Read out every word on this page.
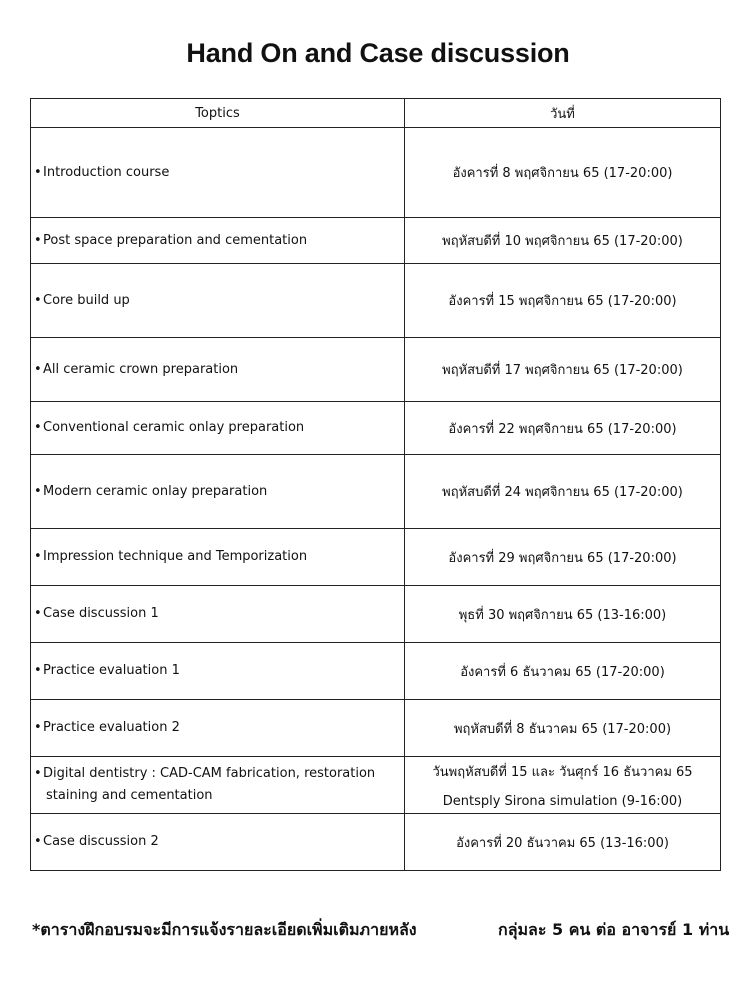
Hand On and Case discussion
Toptics	วันที่
•Introduction course	อังคารที่ 8 พฤศจิกายน 65 (17-20:00)
•Post space preparation and cementation	พฤหัสบดีที่ 10 พฤศจิกายน 65 (17-20:00)
•Core build up	อังคารที่ 15 พฤศจิกายน 65 (17-20:00)
•All ceramic crown preparation	พฤหัสบดีที่ 17 พฤศจิกายน 65 (17-20:00)
•Conventional ceramic onlay preparation	อังคารที่ 22 พฤศจิกายน 65 (17-20:00)
•Modern ceramic onlay preparation	พฤหัสบดีที่ 24 พฤศจิกายน 65 (17-20:00)
•Impression technique and Temporization	อังคารที่ 29 พฤศจิกายน 65 (17-20:00)
•Case discussion 1	พุธที่ 30 พฤศจิกายน 65 (13-16:00)
•Practice evaluation 1	อังคารที่ 6 ธันวาคม 65 (17-20:00)
•Practice evaluation 2	พฤหัสบดีที่ 8 ธันวาคม 65 (17-20:00)
•Digital dentistry : CAD-CAM fabrication, restoration
staining and cementation	วันพฤหัสบดีที่ 15 และ วันศุกร์ 16 ธันวาคม 65
Dentsply Sirona simulation (9-16:00)

•Case discussion 2	อังคารที่ 20 ธันวาคม 65 (13-16:00)
*ตารางฝึกอบรมจะมีการแจ้งรายละเอียดเพิ่มเติมภายหลัง	กลุ่มละ 5 คน ต่อ อาจารย์ 1 ท่าน
